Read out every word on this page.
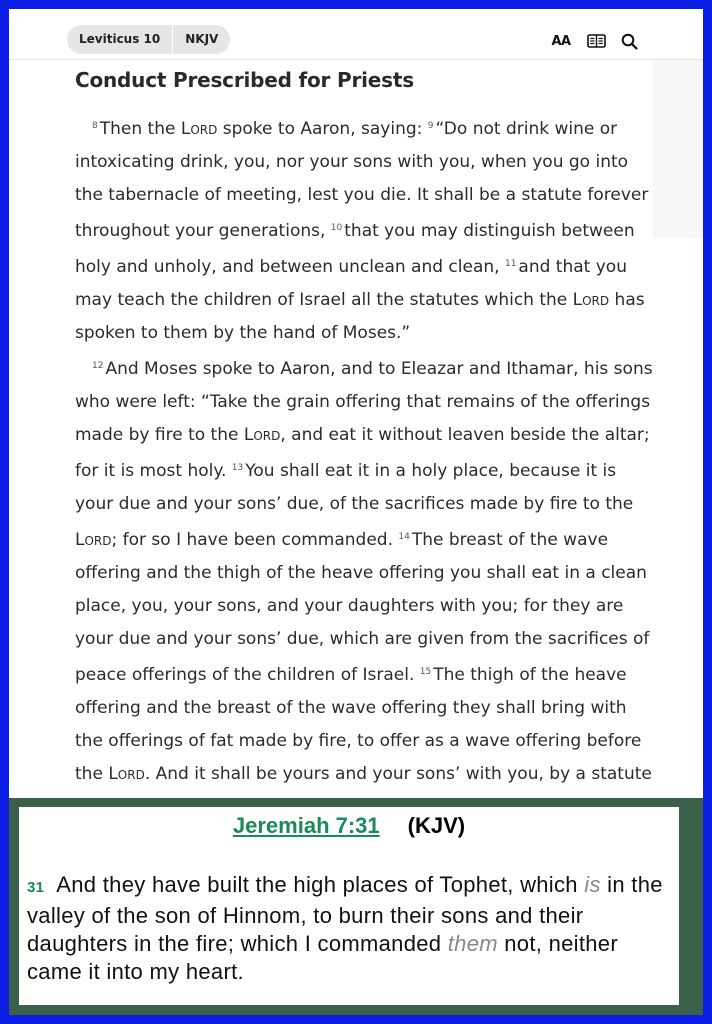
Leviticus 10	NKJV	AA
Conduct Prescribed for Priests

$^8$ Then the Lord spoke to Aaron, saying: $^9$ “Do not drink wine or intoxicating drink, you, nor your sons with you, when you go into the tabernacle of meeting, lest you die. It shall be a statute forever throughout your generations, $^{10}$ that you may distinguish between holy and unholy, and between unclean and clean, $^{11}$ and that you may teach the children of Israel all the statutes which the Lord has spoken to them by the hand of Moses.”

$^{12}$ And Moses spoke to Aaron, and to Eleazar and Ithamar, his sons who were left: “Take the grain offering that remains of the offerings made by fire to the Lord, and eat it without leaven beside the altar; for it is most holy. $^{13}$ You shall eat it in a holy place, because it is your due and your sons’ due, of the sacrifices made by fire to the Lord; for so I have been commanded. $^{14}$ The breast of the wave offering and the thigh of the heave offering you shall eat in a clean place, you, your sons, and your daughters with you; for they are your due and your sons’ due, which are given from the sacrifices of peace offerings of the children of Israel. $^{15}$ The thigh of the heave offering and the breast of the wave offering they shall bring with the offerings of fat made by fire, to offer as a wave offering before the Lord. And it shall be yours and your sons’ with you, by a statute

Jeremiah 7:31 (KJV)
31 And they have built the high places of Tophet, which is in the valley of the son of Hinnom, to burn their sons and their daughters in the fire; which I commanded them not, neither came it into my heart.
